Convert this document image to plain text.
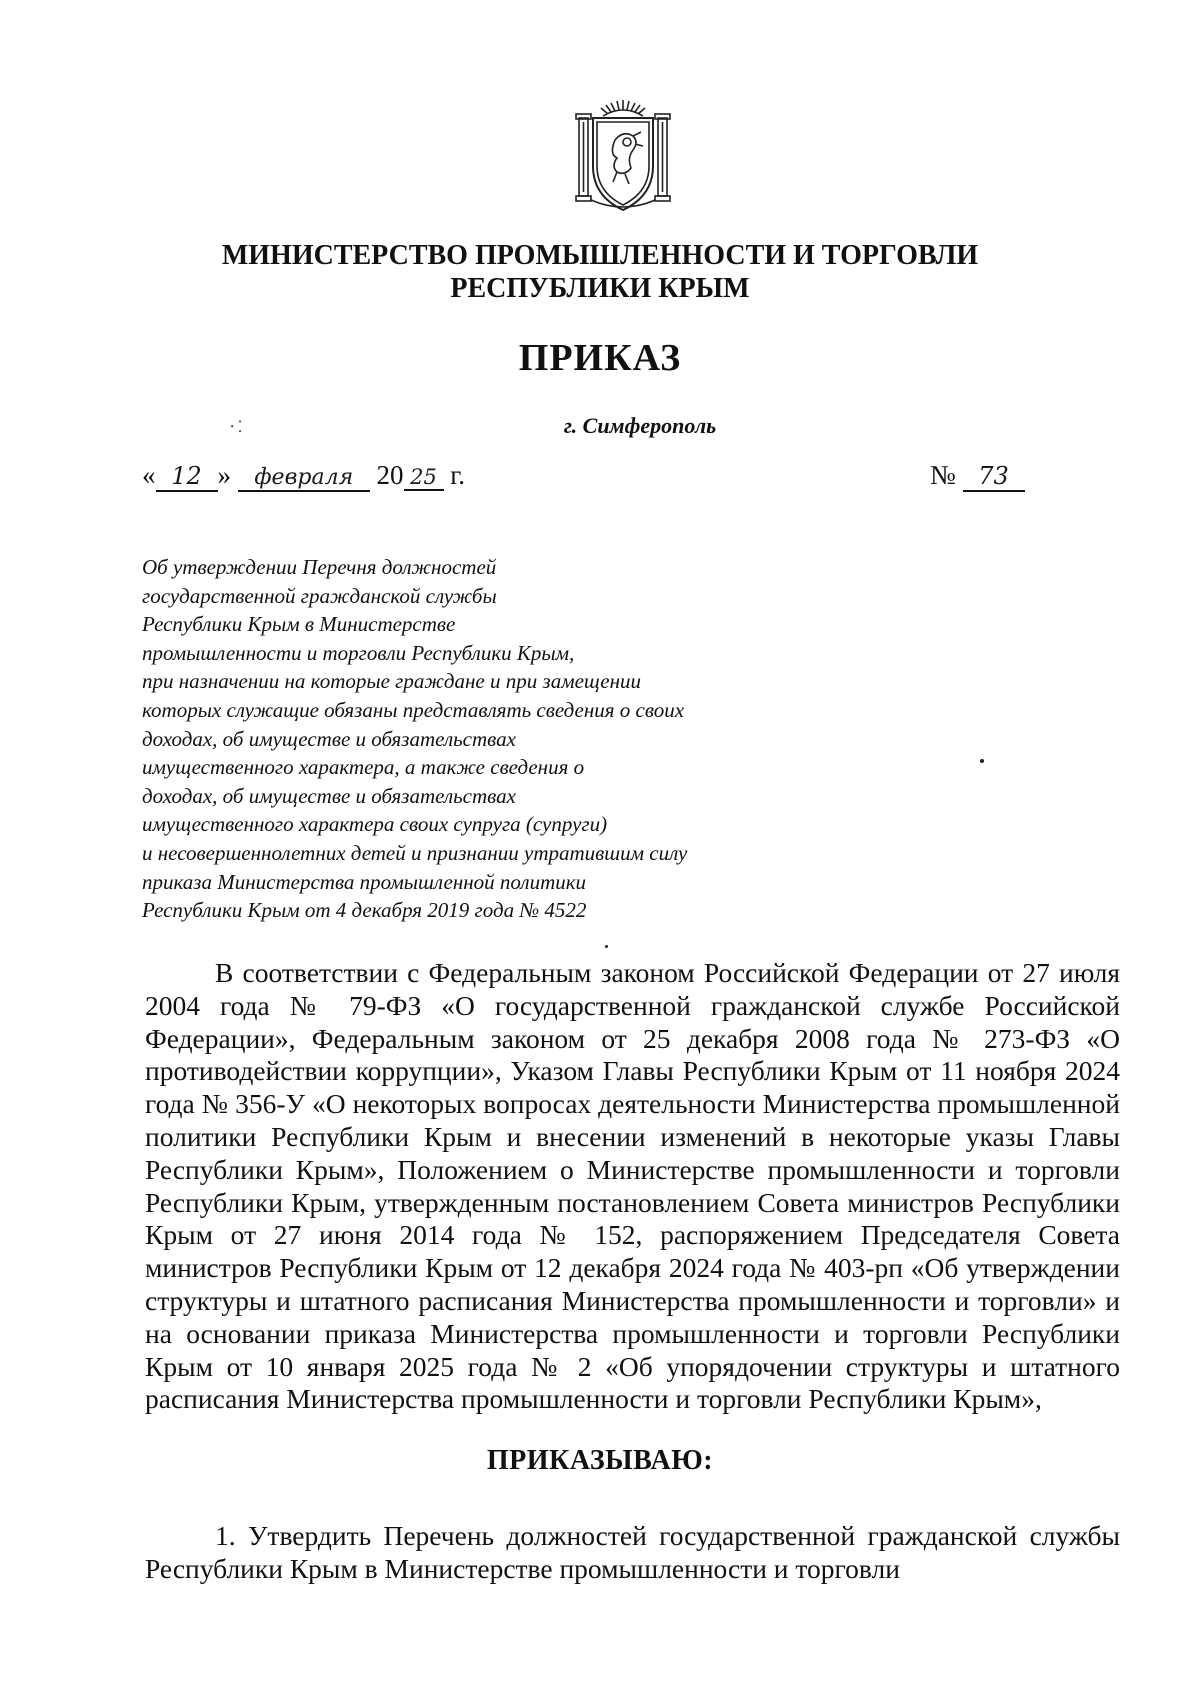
МИНИСТЕРСТВО ПРОМЫШЛЕННОСТИ И ТОРГОВЛИ
РЕСПУБЛИКИ КРЫМ
ПРИКАЗ
⸱ ⁚	г. Симферополь
« 12 » февраля 20 25 г.	№ 73
Об утверждении Перечня должностей
государственной гражданской службы
Республики Крым в Министерстве
промышленности и торговли Республики Крым,
при назначении на которые граждане и при замещении
которых служащие обязаны представлять сведения о своих
доходах, об имуществе и обязательствах
имущественного характера, а также сведения о
доходах, об имуществе и обязательствах
имущественного характера своих супруга (супруги)
и несовершеннолетних детей и признании утратившим силу
приказа Министерства промышленной политики
Республики Крым от 4 декабря 2019 года № 4522

В соответствии с Федеральным законом Российской Федерации от 27 июля 2004 года № 79-ФЗ «О государственной гражданской службе Российской Федерации», Федеральным законом от 25 декабря 2008 года № 273-ФЗ «О противодействии коррупции», Указом Главы Республики Крым от 11 ноября 2024 года № 356-У «О некоторых вопросах деятельности Министерства промышленной политики Республики Крым и внесении изменений в некоторые указы Главы Республики Крым», Положением о Министерстве промышленности и торговли Республики Крым, утвержденным постановлением Совета министров Республики Крым от 27 июня 2014 года № 152, распоряжением Председателя Совета министров Республики Крым от 12 декабря 2024 года № 403-рп «Об утверждении структуры и штатного расписания Министерства промышленности и торговли» и на основании приказа Министерства промышленности и торговли Республики Крым от 10 января 2025 года № 2 «Об упорядочении структуры и штатного расписания Министерства промышленности и торговли Республики Крым»,

ПРИКАЗЫВАЮ:

1. Утвердить Перечень должностей государственной гражданской службы Республики Крым в Министерстве промышленности и торговли
